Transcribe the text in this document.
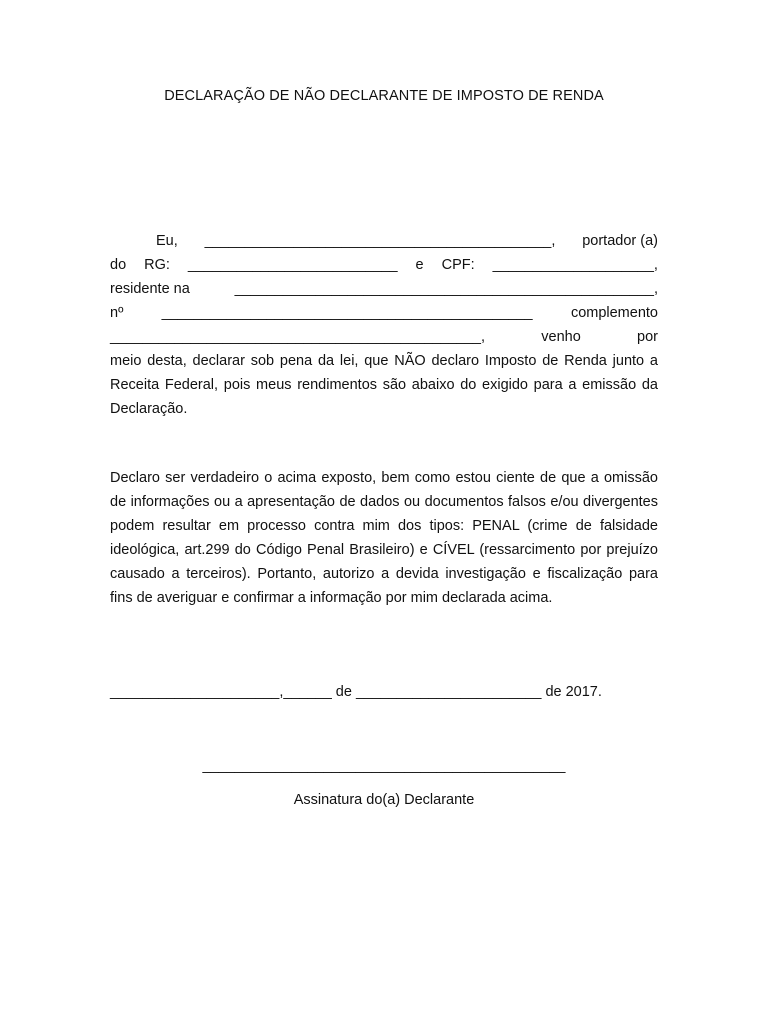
DECLARAÇÃO DE NÃO DECLARANTE DE IMPOSTO DE RENDA
Eu, ___________________________________________, portador (a)
do RG: __________________________ e CPF: ____________________,
residente na	____________________________________________________,
nº	______________________________________________	complemento
______________________________________________,	venho	por
meio desta, declarar sob pena da lei, que NÃO declaro Imposto de Renda junto a Receita Federal, pois meus rendimentos são abaixo do exigido para a emissão da Declaração.
Declaro ser verdadeiro o acima exposto, bem como estou ciente de que a omissão de informações ou a apresentação de dados ou documentos falsos e/ou divergentes podem resultar em processo contra mim dos tipos: PENAL (crime de falsidade ideológica, art.299 do Código Penal Brasileiro) e CÍVEL (ressarcimento por prejuízo causado a terceiros). Portanto, autorizo a devida investigação e fiscalização para fins de averiguar e confirmar a informação por mim declarada acima.
_____________________,______ de _______________________ de 2017.
_____________________________________________
Assinatura do(a) Declarante
